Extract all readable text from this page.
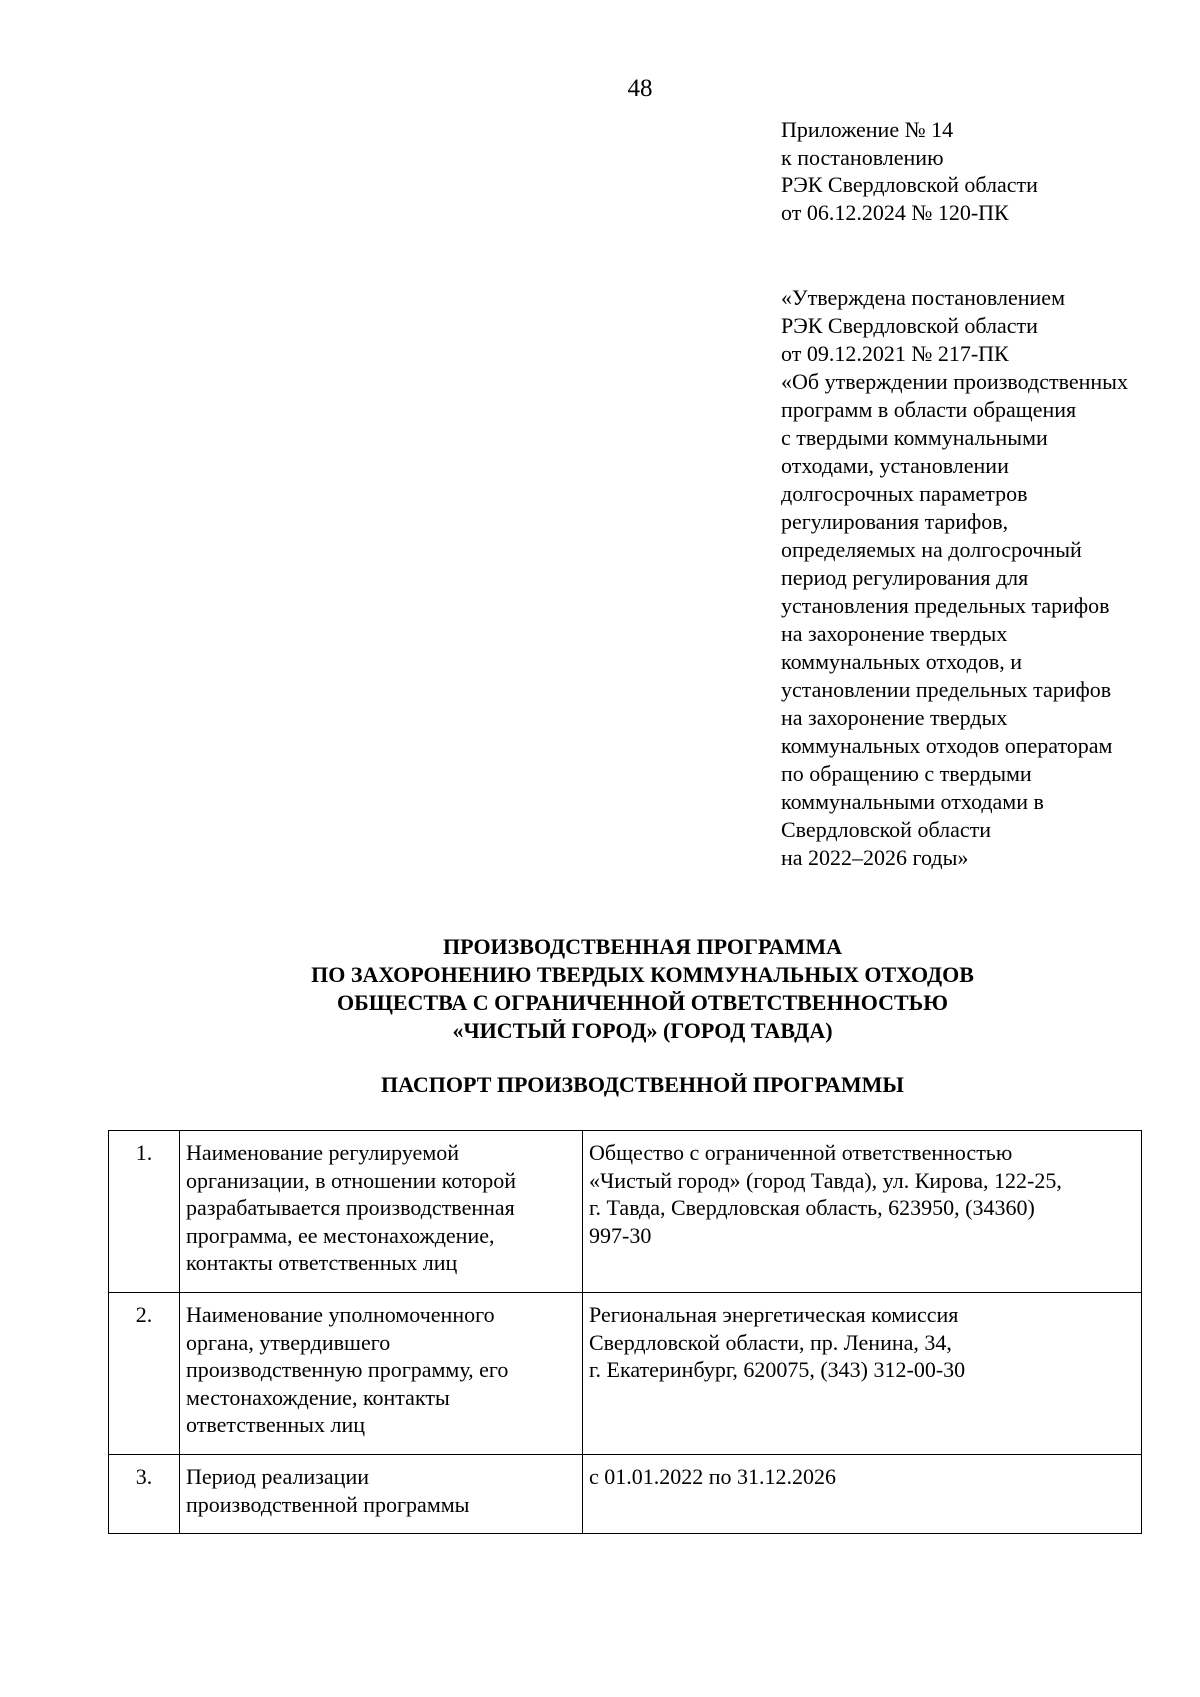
48
Приложение № 14
к постановлению
РЭК Свердловской области
от 06.12.2024 № 120-ПК
«Утверждена постановлением
РЭК Свердловской области
от 09.12.2021 № 217-ПК
«Об утверждении производственных
программ в области обращения
с твердыми коммунальными
отходами, установлении
долгосрочных параметров
регулирования тарифов,
определяемых на долгосрочный
период регулирования для
установления предельных тарифов
на захоронение твердых
коммунальных отходов, и
установлении предельных тарифов
на захоронение твердых
коммунальных отходов операторам
по обращению с твердыми
коммунальными отходами в
Свердловской области
на 2022–2026 годы»
ПРОИЗВОДСТВЕННАЯ ПРОГРАММА
ПО ЗАХОРОНЕНИЮ ТВЕРДЫХ КОММУНАЛЬНЫХ ОТХОДОВ
ОБЩЕСТВА С ОГРАНИЧЕННОЙ ОТВЕТСТВЕННОСТЬЮ
«ЧИСТЫЙ ГОРОД» (ГОРОД ТАВДА)
ПАСПОРТ ПРОИЗВОДСТВЕННОЙ ПРОГРАММЫ
1.	Наименование регулируемой
организации, в отношении которой
разрабатывается производственная
программа, ее местонахождение,
контакты ответственных лиц	Общество с ограниченной ответственностью
«Чистый город» (город Тавда), ул. Кирова, 122-25,
г. Тавда, Свердловская область, 623950, (34360)
997-30

2.	Наименование уполномоченного
органа, утвердившего
производственную программу, его
местонахождение, контакты
ответственных лиц	Региональная энергетическая комиссия
Свердловской области, пр. Ленина, 34,
г. Екатеринбург, 620075, (343) 312-00-30

3.	Период реализации
производственной программы	с 01.01.2022 по 31.12.2026
